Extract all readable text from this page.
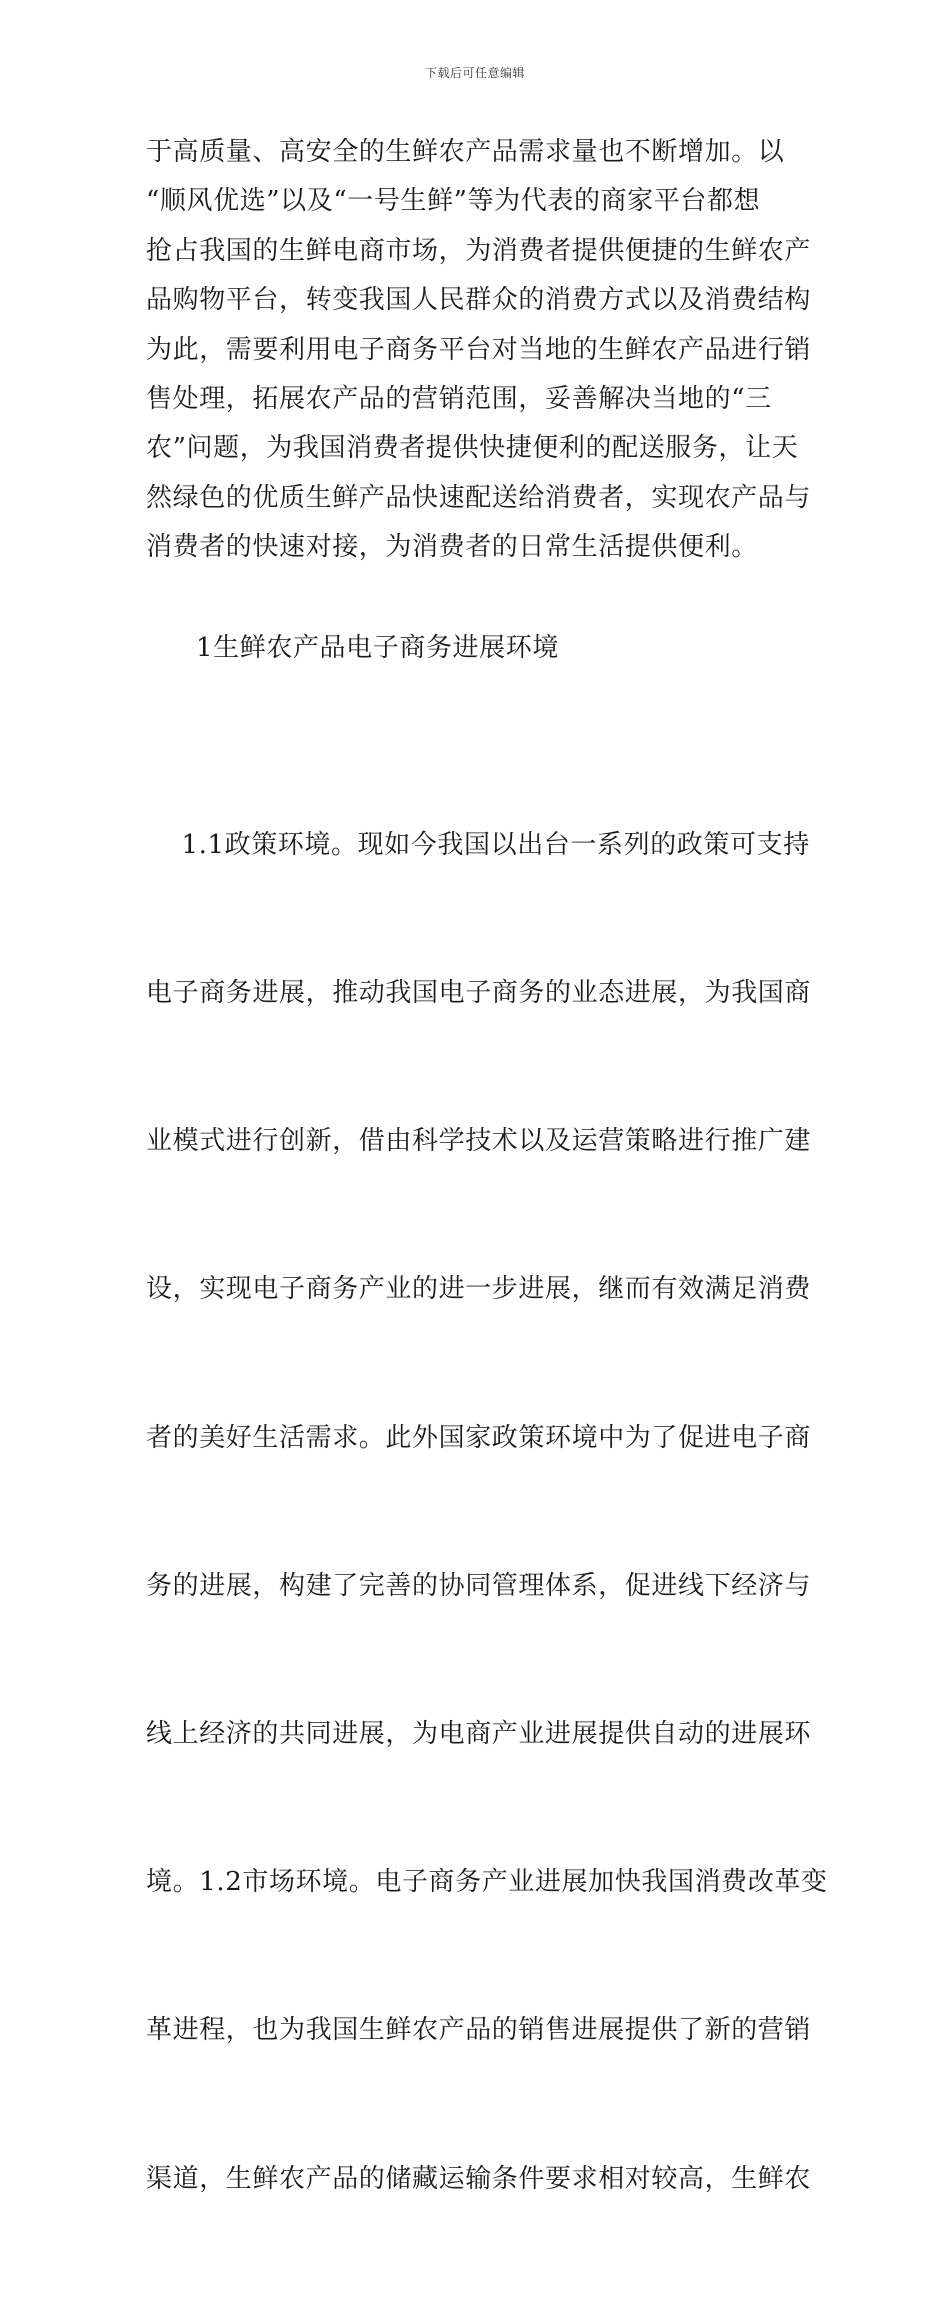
下载后可任意编辑
于高质量、高安全的生鲜农产品需求量也不断增加。以
“顺风优选”以及“一号生鲜”等为代表的商家平台都想
抢占我国的生鲜电商市场，为消费者提供便捷的生鲜农产
品购物平台，转变我国人民群众的消费方式以及消费结构
为此，需要利用电子商务平台对当地的生鲜农产品进行销
售处理，拓展农产品的营销范围，妥善解决当地的“三
农”问题，为我国消费者提供快捷便利的配送服务，让天
然绿色的优质生鲜产品快速配送给消费者，实现农产品与
消费者的快速对接，为消费者的日常生活提供便利。
1生鲜农产品电子商务进展环境

1.1政策环境。现如今我国以出台一系列的政策可支持

电子商务进展，推动我国电子商务的业态进展，为我国商

业模式进行创新，借由科学技术以及运营策略进行推广建

设，实现电子商务产业的进一步进展，继而有效满足消费

者的美好生活需求。此外国家政策环境中为了促进电子商

务的进展，构建了完善的协同管理体系，促进线下经济与

线上经济的共同进展，为电商产业进展提供自动的进展环

境。1.2市场环境。电子商务产业进展加快我国消费改革变

革进程，也为我国生鲜农产品的销售进展提供了新的营销

渠道，生鲜农产品的储藏运输条件要求相对较高，生鲜农
